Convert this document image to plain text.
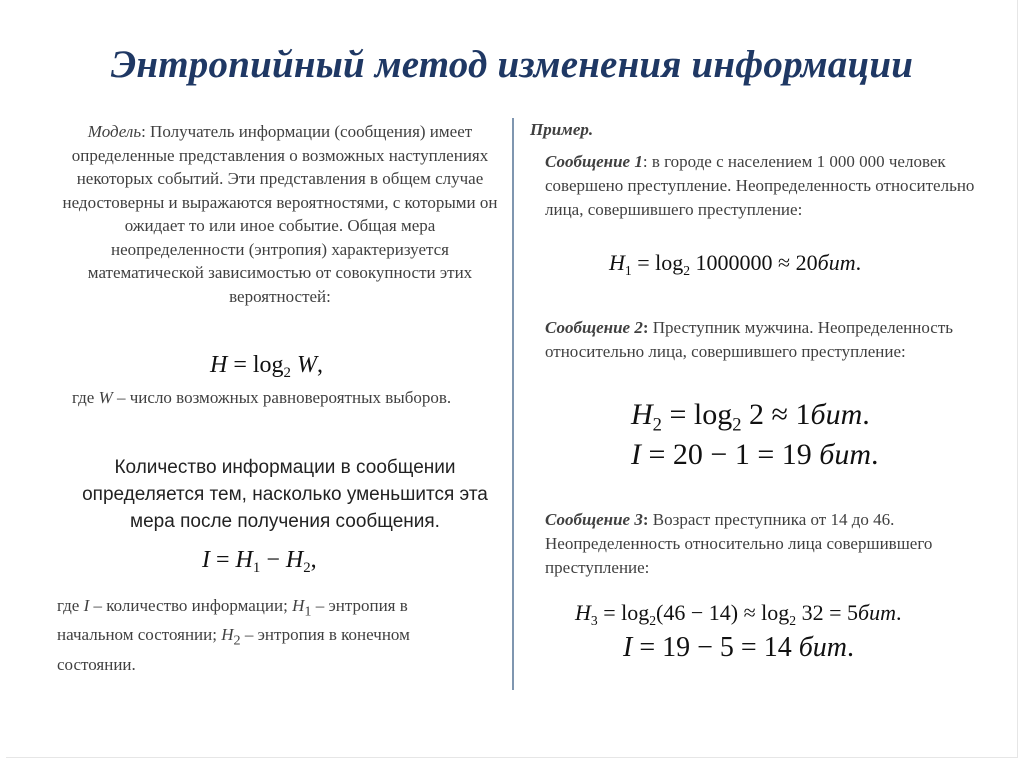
Энтропийный метод изменения информации

Модель: Получатель информации (сообщения) имеет определенные представления о возможных наступлениях некоторых событий. Эти представления в общем случае недостоверны и выражаются вероятностями, с которыми он ожидает то или иное событие. Общая мера неопределенности (энтропия) характеризуется математической зависимостью от совокупности этих вероятностей:

$H = \log_2 W$,
где W – число возможных равновероятных выборов.
Количество информации в сообщении определяется тем, насколько уменьшится эта мера после получения сообщения.
$I = H_1 - H_2$,
где I – количество информации; $H_1$ – энтропия в начальном состоянии; $H_2$ – энтропия в конечном состоянии.
Пример.
Сообщение 1: в городе с населением 1 000 000 человек совершено преступление. Неопределенность относительно лица, совершившего преступление:
$H_1 = \log_2 1000000 \approx 20бит$.
Сообщение 2: Преступник мужчина. Неопределенность относительно лица, совершившего преступление:
$H_2 = \log_2 2 \approx 1бит$.
I = 20 − 1 = 19 бит.
Сообщение 3: Возраст преступника от 14 до 46. Неопределенность относительно лица совершившего преступление:
$H_3 = \log_2(46 - 14) \approx \log_2 32 = 5бит$.
I = 19 − 5 = 14 бит.
